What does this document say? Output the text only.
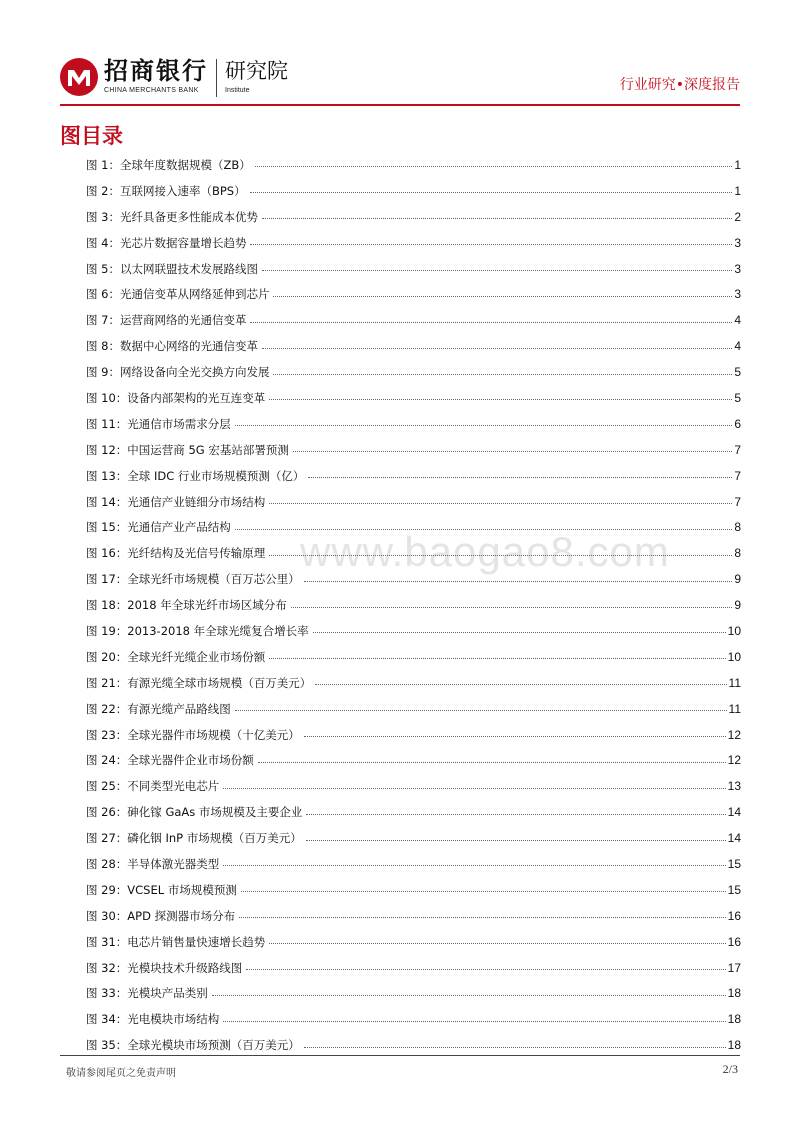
招商银行
CHINA MERCHANTS BANK
研究院
Institute	行业研究•深度报告
图目录
www.baogao8.com
图 1：全球年度数据规模（ZB）	1
图 2：互联网接入速率（BPS）	1
图 3：光纤具备更多性能成本优势	2
图 4：光芯片数据容量增长趋势	3
图 5：以太网联盟技术发展路线图	3
图 6：光通信变革从网络延伸到芯片	3
图 7：运营商网络的光通信变革	4
图 8：数据中心网络的光通信变革	4
图 9：网络设备向全光交换方向发展	5
图 10：设备内部架构的光互连变革	5
图 11：光通信市场需求分层	6
图 12：中国运营商 5G 宏基站部署预测	7
图 13：全球 IDC 行业市场规模预测（亿）	7
图 14：光通信产业链细分市场结构	7
图 15：光通信产业产品结构	8
图 16：光纤结构及光信号传输原理	8
图 17：全球光纤市场规模（百万芯公里）	9
图 18：2018 年全球光纤市场区域分布	9
图 19：2013-2018 年全球光缆复合增长率	10
图 20：全球光纤光缆企业市场份额	10
图 21：有源光缆全球市场规模（百万美元）	11
图 22：有源光缆产品路线图	11
图 23：全球光器件市场规模（十亿美元）	12
图 24：全球光器件企业市场份额	12
图 25：不同类型光电芯片	13
图 26：砷化镓 GaAs 市场规模及主要企业	14
图 27：磷化铟 InP 市场规模（百万美元）	14
图 28：半导体激光器类型	15
图 29：VCSEL 市场规模预测	15
图 30：APD 探测器市场分布	16
图 31：电芯片销售量快速增长趋势	16
图 32：光模块技术升级路线图	17
图 33：光模块产品类别	18
图 34：光电模块市场结构	18
图 35：全球光模块市场预测（百万美元）	18
敬请参阅尾页之免责声明	2/3
